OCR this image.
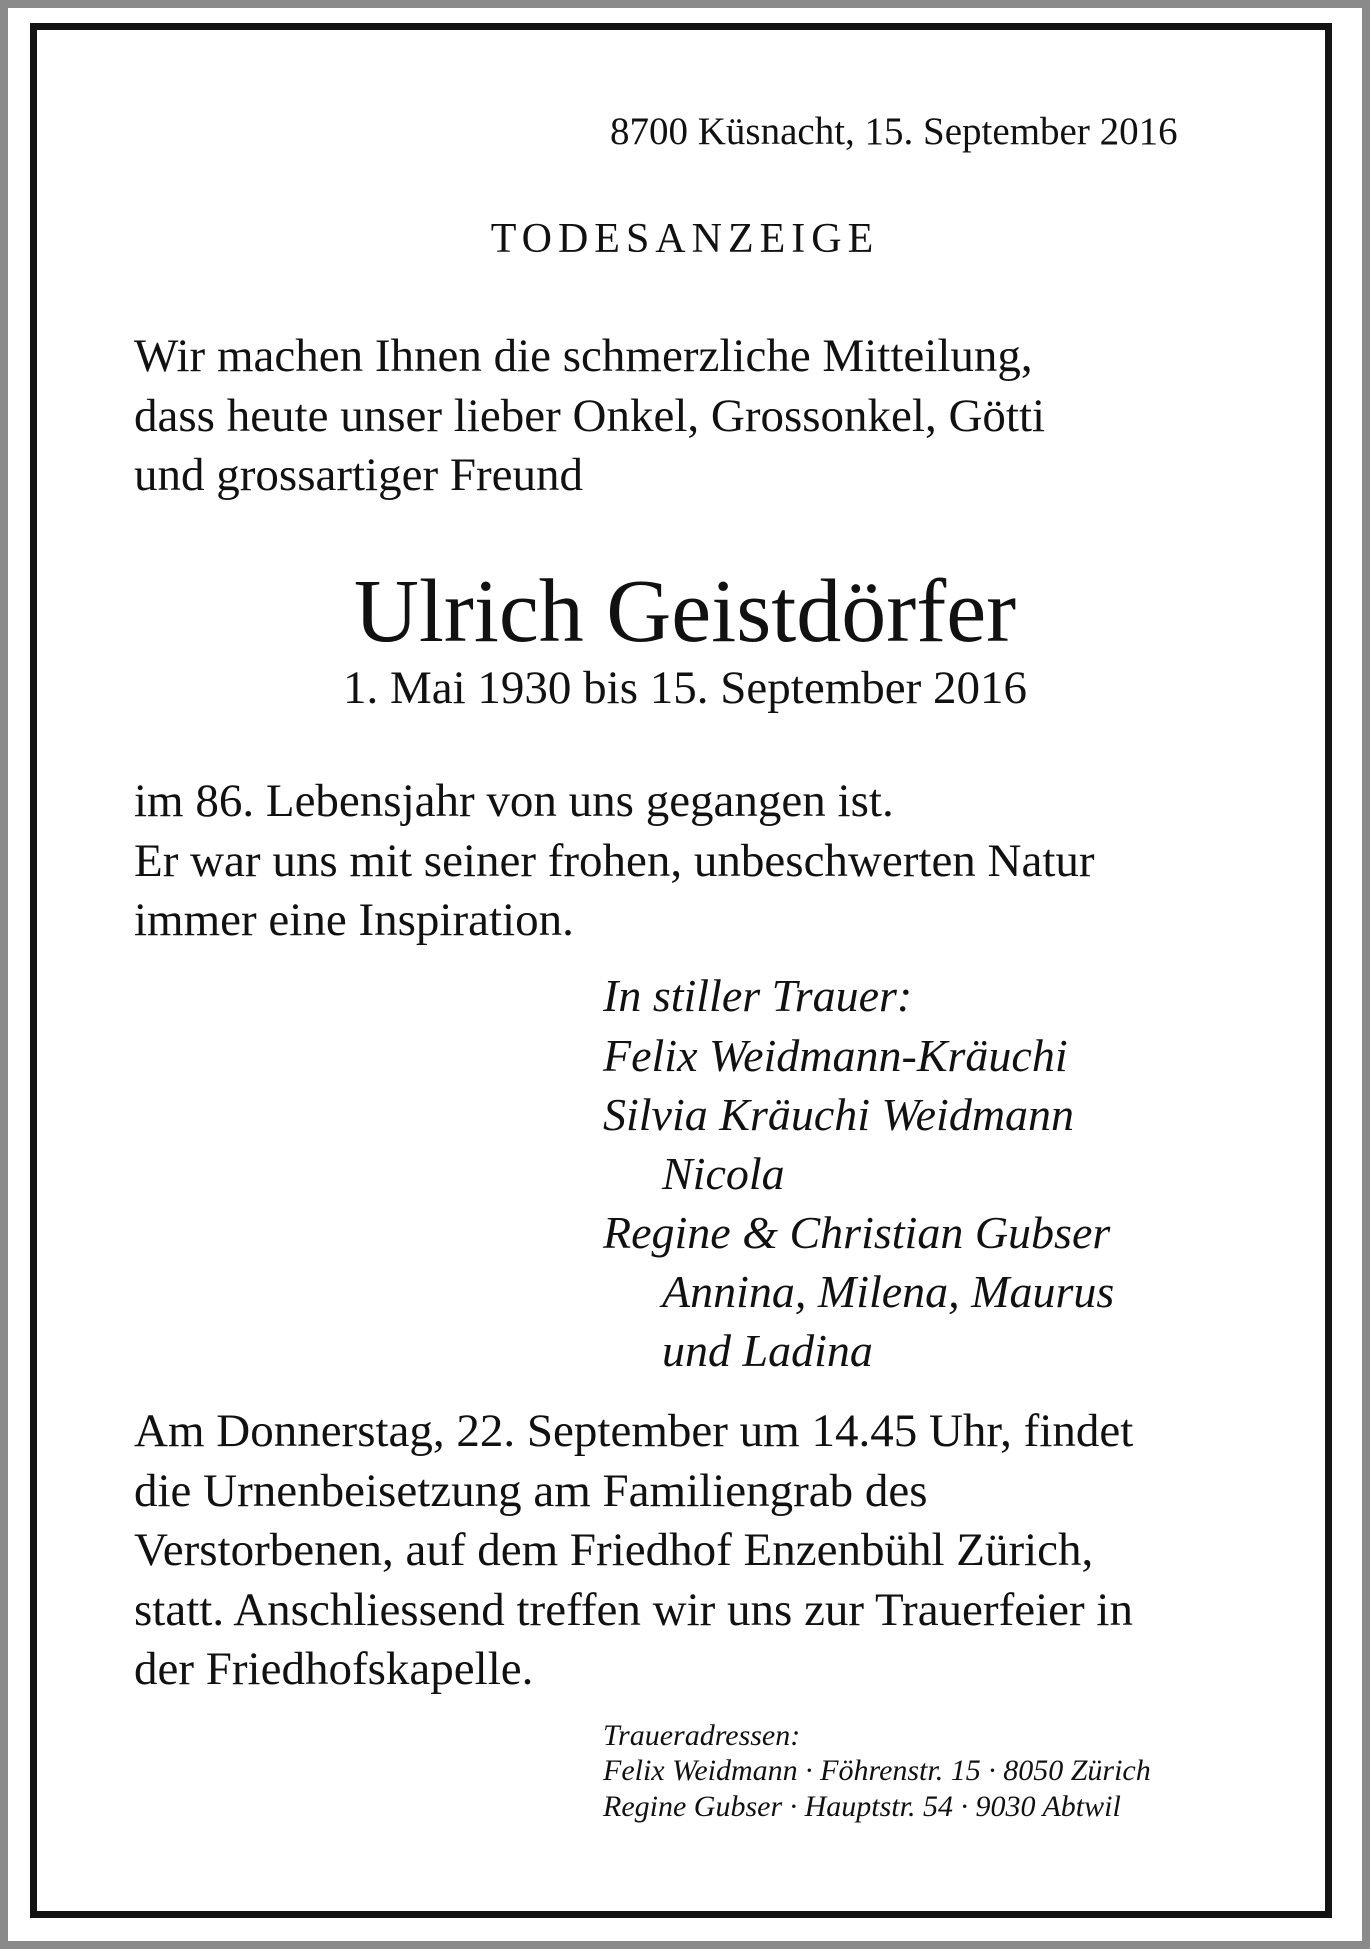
8700 Küsnacht, 15. September 2016
TODESANZEIGE
Wir machen Ihnen die schmerzliche Mitteilung,
dass heute unser lieber Onkel, Grossonkel, Götti
und grossartiger Freund
Ulrich Geistdörfer
1. Mai 1930 bis 15. September 2016
im 86. Lebensjahr von uns gegangen ist.
Er war uns mit seiner frohen, unbeschwerten Natur
immer eine Inspiration.
In stiller Trauer:
Felix Weidmann-Kräuchi
Silvia Kräuchi Weidmann
Nicola
Regine & Christian Gubser
Annina, Milena, Maurus
und Ladina
Am Donnerstag, 22. September um 14.45 Uhr, findet
die Urnenbeisetzung am Familiengrab des
Verstorbenen, auf dem Friedhof Enzenbühl Zürich,
statt. Anschliessend treffen wir uns zur Trauerfeier in
der Friedhofskapelle.
Traueradressen:
Felix Weidmann · Föhrenstr. 15 · 8050 Zürich
Regine Gubser · Hauptstr. 54 · 9030 Abtwil
